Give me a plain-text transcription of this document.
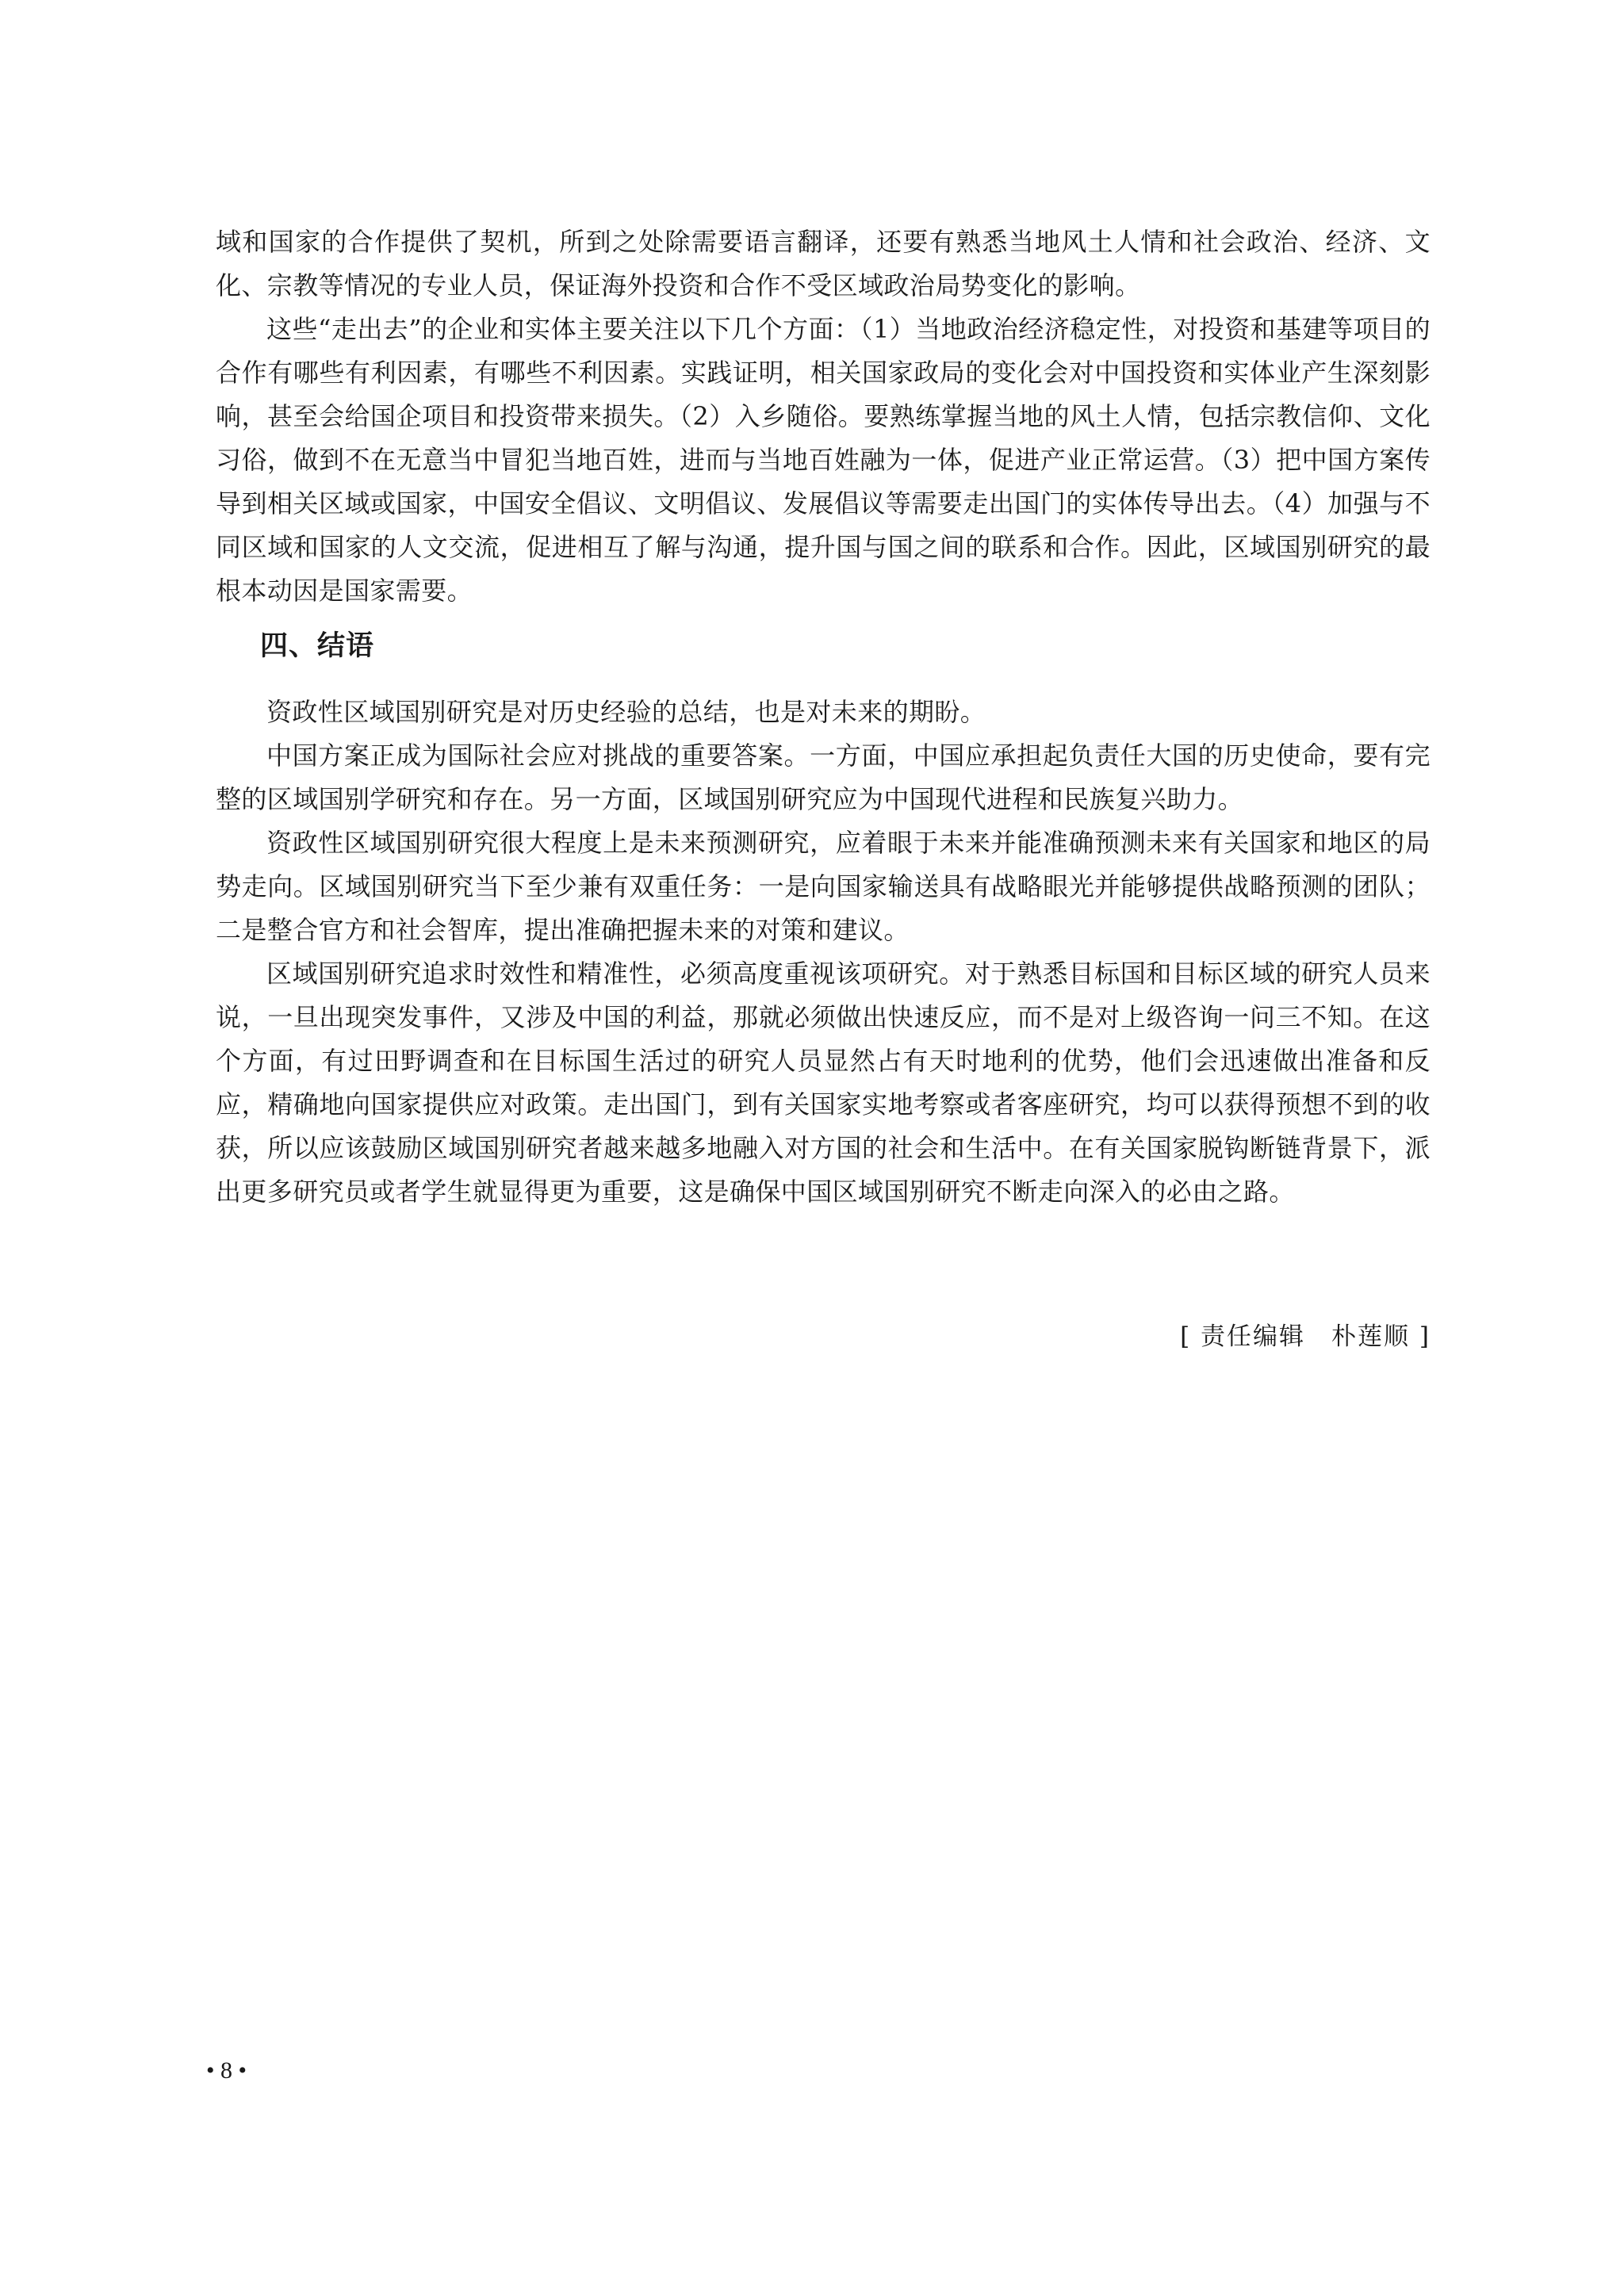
域和国家的合作提供了契机，所到之处除需要语言翻译，还要有熟悉当地风土人情和社会政治、经济、文化、宗教等情况的专业人员，保证海外投资和合作不受区域政治局势变化的影响。

这些“走出去”的企业和实体主要关注以下几个方面：（1）当地政治经济稳定性，对投资和基建等项目的合作有哪些有利因素，有哪些不利因素。实践证明，相关国家政局的变化会对中国投资和实体业产生深刻影响，甚至会给国企项目和投资带来损失。（2）入乡随俗。要熟练掌握当地的风土人情，包括宗教信仰、文化习俗，做到不在无意当中冒犯当地百姓，进而与当地百姓融为一体，促进产业正常运营。（3）把中国方案传导到相关区域或国家，中国安全倡议、文明倡议、发展倡议等需要走出国门的实体传导出去。（4）加强与不同区域和国家的人文交流，促进相互了解与沟通，提升国与国之间的联系和合作。因此，区域国别研究的最根本动因是国家需要。

四、结语

资政性区域国别研究是对历史经验的总结，也是对未来的期盼。

中国方案正成为国际社会应对挑战的重要答案。一方面，中国应承担起负责任大国的历史使命，要有完整的区域国别学研究和存在。另一方面，区域国别研究应为中国现代进程和民族复兴助力。

资政性区域国别研究很大程度上是未来预测研究，应着眼于未来并能准确预测未来有关国家和地区的局势走向。区域国别研究当下至少兼有双重任务：一是向国家输送具有战略眼光并能够提供战略预测的团队；二是整合官方和社会智库，提出准确把握未来的对策和建议。

区域国别研究追求时效性和精准性，必须高度重视该项研究。对于熟悉目标国和目标区域的研究人员来说，一旦出现突发事件，又涉及中国的利益，那就必须做出快速反应，而不是对上级咨询一问三不知。在这个方面，有过田野调查和在目标国生活过的研究人员显然占有天时地利的优势，他们会迅速做出准备和反应，精确地向国家提供应对政策。走出国门，到有关国家实地考察或者客座研究，均可以获得预想不到的收获，所以应该鼓励区域国别研究者越来越多地融入对方国的社会和生活中。在有关国家脱钩断链背景下，派出更多研究员或者学生就显得更为重要，这是确保中国区域国别研究不断走向深入的必由之路。

[ 责任编辑　朴莲顺 ]
• 8 •
